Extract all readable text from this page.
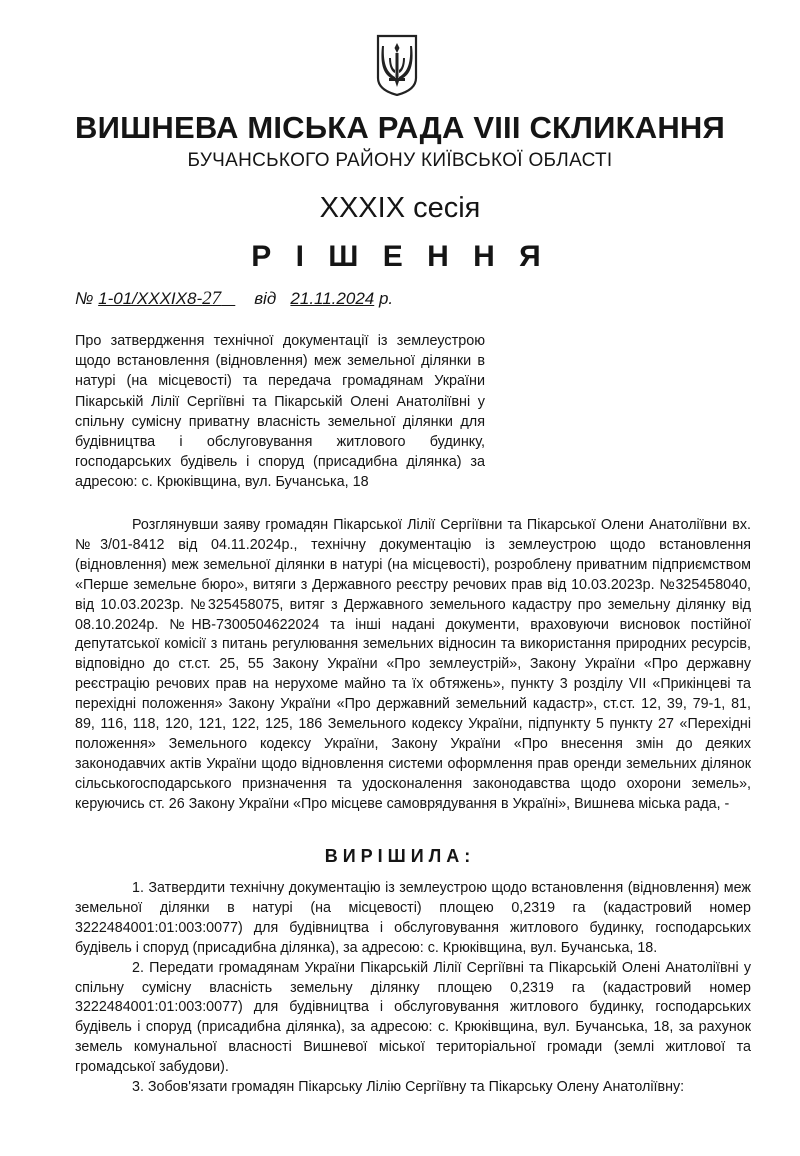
ВИШНЕВА МІСЬКА РАДА VIII СКЛИКАННЯ
БУЧАНСЬКОГО РАЙОНУ КИЇВСЬКОЇ ОБЛАСТІ
XXXIX сесія
Р І Ш Е Н Н Я
№ 1-01/XXXIX8-27 від 21.11.2024 р.
Про затвердження технічної документації із землеустрою щодо встановлення (відновлення) меж земельної ділянки в натурі (на місцевості) та передача громадянам України Пікарській Лілії Сергіївні та Пікарській Олені Анатоліївні у спільну сумісну приватну власність земельної ділянки для будівництва і обслуговування житлового будинку, господарських будівель і споруд (присадибна ділянка) за адресою: с. Крюківщина, вул. Бучанська, 18
Розглянувши заяву громадян Пікарської Лілії Сергіївни та Пікарської Олени Анатоліївни вх.№3/01-8412 від 04.11.2024р., технічну документацію із землеустрою щодо встановлення (відновлення) меж земельної ділянки в натурі (на місцевості), розроблену приватним підприємством «Перше земельне бюро», витяги з Державного реєстру речових прав від 10.03.2023р. №325458040, від 10.03.2023р. №325458075, витяг з Державного земельного кадастру про земельну ділянку від 08.10.2024р. №НВ-7300504622024 та інші надані документи, враховуючи висновок постійної депутатської комісії з питань регулювання земельних відносин та використання природних ресурсів, відповідно до ст.ст. 25, 55 Закону України «Про землеустрій», Закону України «Про державну реєстрацію речових прав на нерухоме майно та їх обтяжень», пункту 3 розділу VII «Прикінцеві та перехідні положення» Закону України «Про державний земельний кадастр», ст.ст. 12, 39, 79-1, 81, 89, 116, 118, 120, 121, 122, 125, 186 Земельного кодексу України, підпункту 5 пункту 27 «Перехідні положення» Земельного кодексу України, Закону України «Про внесення змін до деяких законодавчих актів України щодо відновлення системи оформлення прав оренди земельних ділянок сільськогосподарського призначення та удосконалення законодавства щодо охорони земель», керуючись ст. 26 Закону України «Про місцеве самоврядування в Україні», Вишнева міська рада, -
ВИРІШИЛА:

1. Затвердити технічну документацію із землеустрою щодо встановлення (відновлення) меж земельної ділянки в натурі (на місцевості) площею 0,2319 га (кадастровий номер 3222484001:01:003:0077) для будівництва і обслуговування житлового будинку, господарських будівель і споруд (присадибна ділянка), за адресою: с. Крюківщина, вул. Бучанська, 18.

2. Передати громадянам України Пікарській Лілії Сергіївні та Пікарській Олені Анатоліївні у спільну сумісну власність земельну ділянку площею 0,2319 га (кадастровий номер 3222484001:01:003:0077) для будівництва і обслуговування житлового будинку, господарських будівель і споруд (присадибна ділянка), за адресою: с. Крюківщина, вул. Бучанська, 18, за рахунок земель комунальної власності Вишневої міської територіальної громади (землі житлової та громадської забудови).

3. Зобов'язати громадян Пікарську Лілію Сергіївну та Пікарську Олену Анатоліївну:
